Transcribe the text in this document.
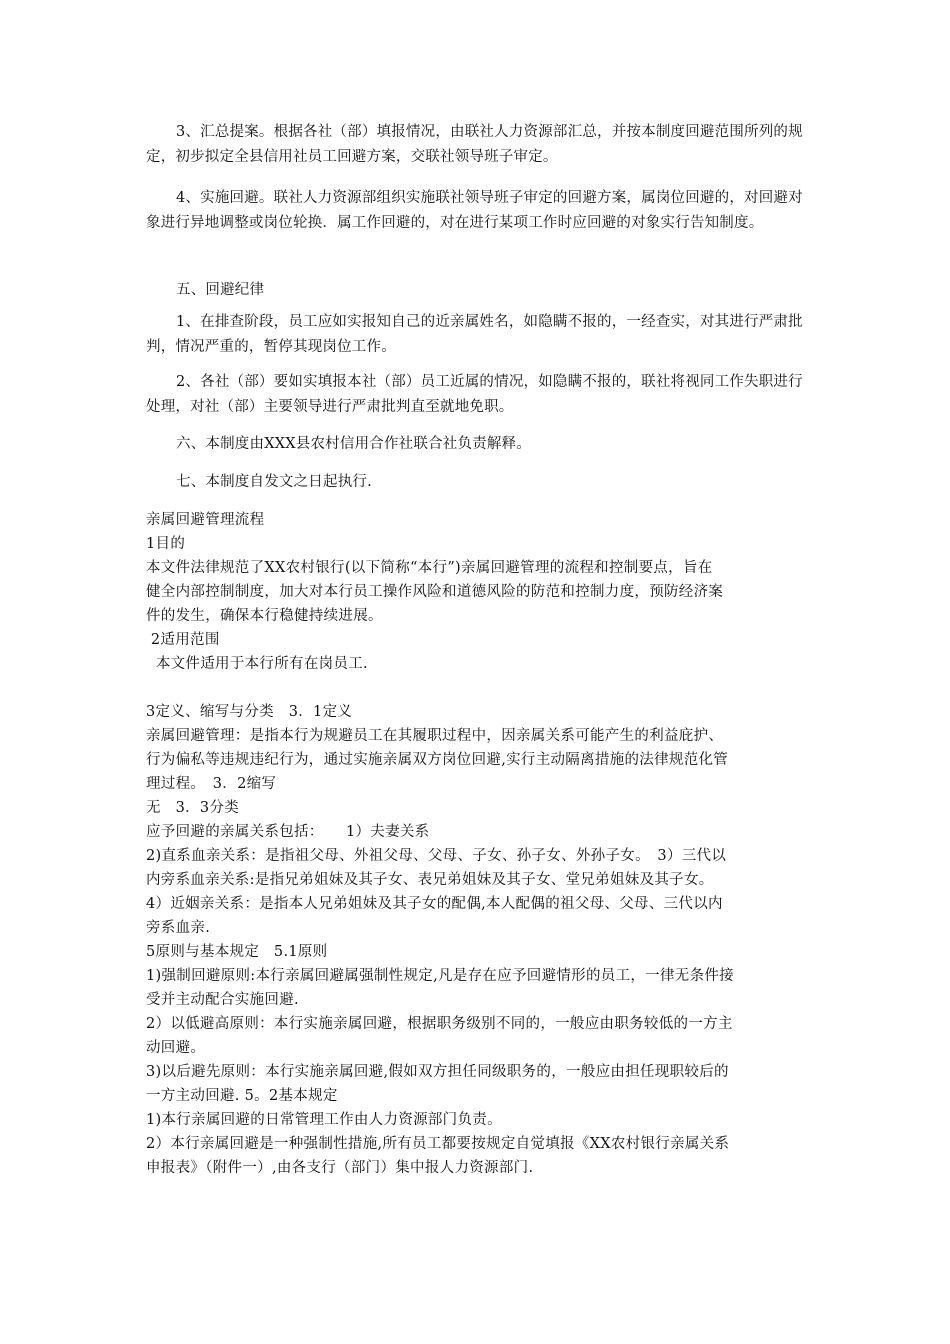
3、汇总提案。根据各社（部）填报情况，由联社人力资源部汇总，并按本制度回避范围所列的规定，初步拟定全县信用社员工回避方案，交联社领导班子审定。

4、实施回避。联社人力资源部组织实施联社领导班子审定的回避方案，属岗位回避的，对回避对象进行异地调整或岗位轮换．属工作回避的，对在进行某项工作时应回避的对象实行告知制度。

五、回避纪律

1、在排查阶段，员工应如实报知自己的近亲属姓名，如隐瞒不报的，一经查实，对其进行严肃批判，情况严重的，暂停其现岗位工作。

2、各社（部）要如实填报本社（部）员工近属的情况，如隐瞒不报的，联社将视同工作失职进行处理，对社（部）主要领导进行严肃批判直至就地免职。

六、本制度由XXX县农村信用合作社联合社负责解释。

七、本制度自发文之日起执行.

亲属回避管理流程
1目的
本文件法律规范了XX农村银行(以下简称“本行”)亲属回避管理的流程和控制要点，旨在
健全内部控制制度，加大对本行员工操作风险和道德风险的防范和控制力度，预防经济案
件的发生，确保本行稳健持续进展。
2适用范围
本文件适用于本行所有在岗员工.
3定义、缩写与分类　3．1定义
亲属回避管理：是指本行为规避员工在其履职过程中，因亲属关系可能产生的利益庇护、
行为偏私等违规违纪行为，通过实施亲属双方岗位回避,实行主动隔离措施的法律规范化管
理过程。　3．2缩写
无　3．3分类
应予回避的亲属关系包括：　　1）夫妻关系
2)直系血亲关系：是指祖父母、外祖父母、父母、子女、孙子女、外孙子女。　3）三代以
内旁系血亲关系:是指兄弟姐妹及其子女、表兄弟姐妹及其子女、堂兄弟姐妹及其子女。
4）近姻亲关系：是指本人兄弟姐妹及其子女的配偶,本人配偶的祖父母、父母、三代以内
旁系血亲.
5原则与基本规定　5.1原则
1)强制回避原则:本行亲属回避属强制性规定,凡是存在应予回避情形的员工，一律无条件接
受并主动配合实施回避.
2）以低避高原则：本行实施亲属回避，根据职务级别不同的，一般应由职务较低的一方主
动回避。
3)以后避先原则：本行实施亲属回避,假如双方担任同级职务的，一般应由担任现职较后的
一方主动回避. 5。2基本规定
1)本行亲属回避的日常管理工作由人力资源部门负责。
2）本行亲属回避是一种强制性措施,所有员工都要按规定自觉填报《XX农村银行亲属关系
申报表》（附件一）,由各支行（部门）集中报人力资源部门.
